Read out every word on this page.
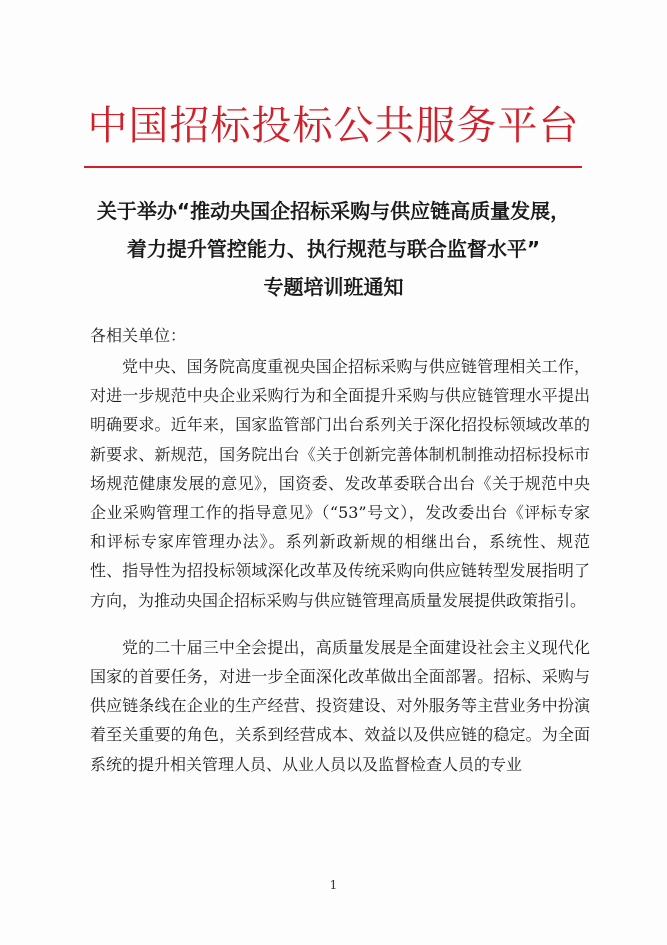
中国招标投标公共服务平台
关于举办“推动央国企招标采购与供应链高质量发展，
着力提升管控能力、执行规范与联合监督水平”
专题培训班通知
各相关单位：

党中央、国务院高度重视央国企招标采购与供应链管理相关工作，对进一步规范中央企业采购行为和全面提升采购与供应链管理水平提出明确要求。近年来，国家监管部门出台系列关于深化招投标领域改革的新要求、新规范，国务院出台《关于创新完善体制机制推动招标投标市场规范健康发展的意见》，国资委、发改革委联合出台《关于规范中央企业采购管理工作的指导意见》（“53”号文），发改委出台《评标专家和评标专家库管理办法》。系列新政新规的相继出台，系统性、规范性、指导性为招投标领域深化改革及传统采购向供应链转型发展指明了方向，为推动央国企招标采购与供应链管理高质量发展提供政策指引。

党的二十届三中全会提出，高质量发展是全面建设社会主义现代化国家的首要任务，对进一步全面深化改革做出全面部署。招标、采购与供应链条线在企业的生产经营、投资建设、对外服务等主营业务中扮演着至关重要的角色，关系到经营成本、效益以及供应链的稳定。为全面系统的提升相关管理人员、从业人员以及监督检查人员的专业

1
